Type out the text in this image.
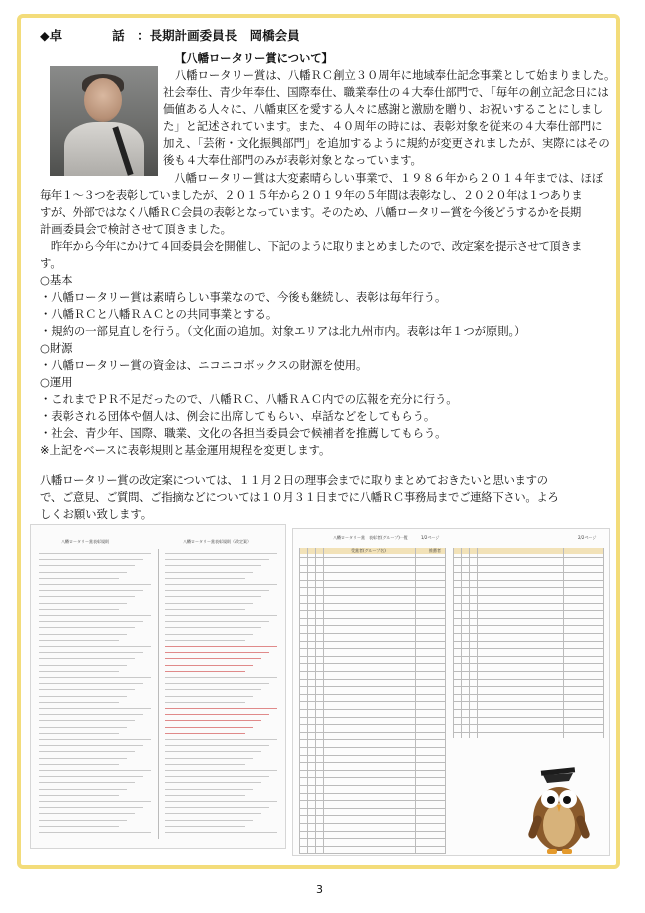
◆卓　　　　話　：長期計画委員長　岡橋会員
【八幡ロータリー賞について】
八幡ロータリー賞は、八幡ＲＣ創立３０周年に地域奉仕記念事業として始まりました。
社会奉仕、青少年奉仕、国際奉仕、職業奉仕の４大奉仕部門で、「毎年の創立記念日には
価値ある人々に、八幡東区を愛する人々に感謝と激励を贈り、お祝いすることにしまし
た」と記述されています。また、４０周年の時には、表彰対象を従来の４大奉仕部門に
加え、「芸術・文化振興部門」を追加するように規約が変更されましたが、実際にはその
後も４大奉仕部門のみが表彰対象となっています。
　八幡ロータリー賞は大変素晴らしい事業で、１９８６年から２０１４年までは、ほぼ
毎年１～３つを表彰していましたが、２０１５年から２０１９年の５年間は表彰なし、２０２０年は１つありま
すが、外部ではなく八幡ＲＣ会員の表彰となっています。そのため、八幡ロータリー賞を今後どうするかを長期
計画委員会で検討させて頂きました。
　昨年から今年にかけて４回委員会を開催し、下記のように取りまとめましたので、改定案を提示させて頂きま
す。
○基本
・八幡ロータリー賞は素晴らしい事業なので、今後も継続し、表彰は毎年行う。
・八幡ＲＣと八幡ＲＡＣとの共同事業とする。
・規約の一部見直しを行う。（文化面の追加。対象エリアは北九州市内。表彰は年１つが原則。）
○財源
・八幡ロータリー賞の資金は、ニコニコボックスの財源を使用。
○運用
・これまでＰＲ不足だったので、八幡ＲＣ、八幡ＲＡＣ内での広報を充分に行う。
・表彰される団体や個人は、例会に出席してもらい、卓話などをしてもらう。
・社会、青少年、国際、職業、文化の各担当委員会で候補者を推薦してもらう。
※上記をベースに表彰規則と基金運用規程を変更します。
八幡ロータリー賞の改定案については、１１月２日の理事会までに取りまとめておきたいと思いますの
で、ご意見、ご質問、ご指摘などについては１０月３１日までに八幡ＲＣ事務局までご連絡下さい。よろ
しくお願い致します。
八幡ロータリー賞表彰規則	八幡ロータリー賞表彰規則（改定案）
八幡ロータリー賞　表彰者(グループ)一覧	1/2ページ	2/2ページ
受賞者(グループ名)	推薦者
3
